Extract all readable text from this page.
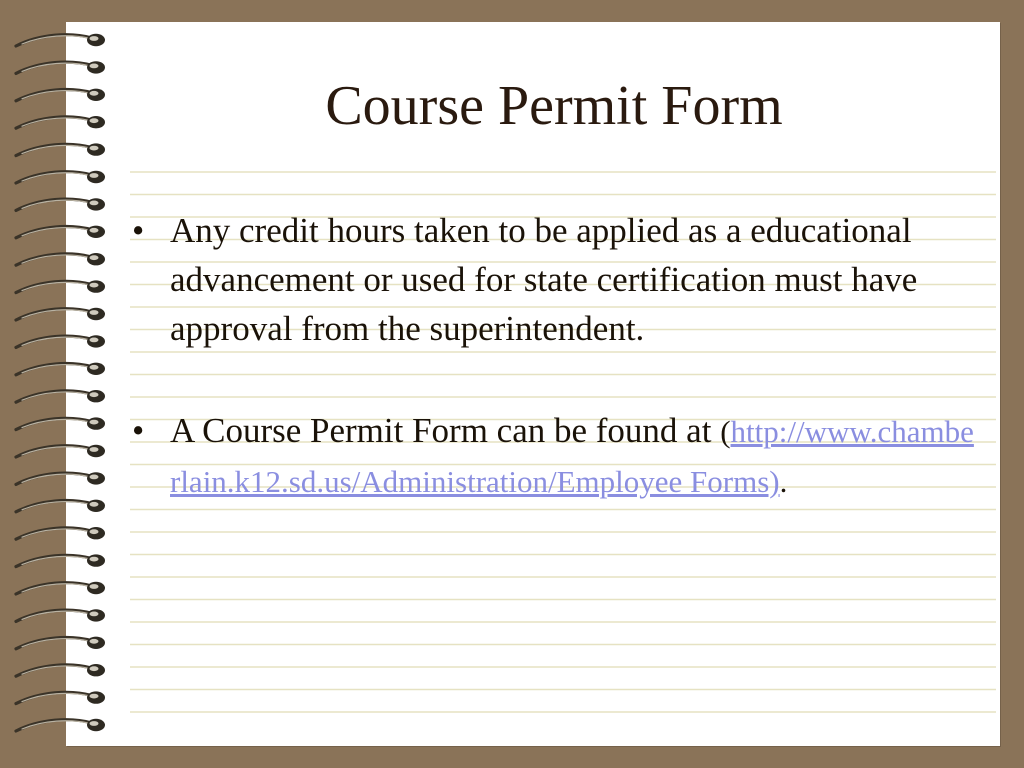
Course Permit Form

• Any credit hours taken to be applied as a educational advancement or used for state certification must have approval from the superintendent.

• A Course Permit Form can be found at (http://www.chamberlain.k12.sd.us/Administration/Employee Forms).
